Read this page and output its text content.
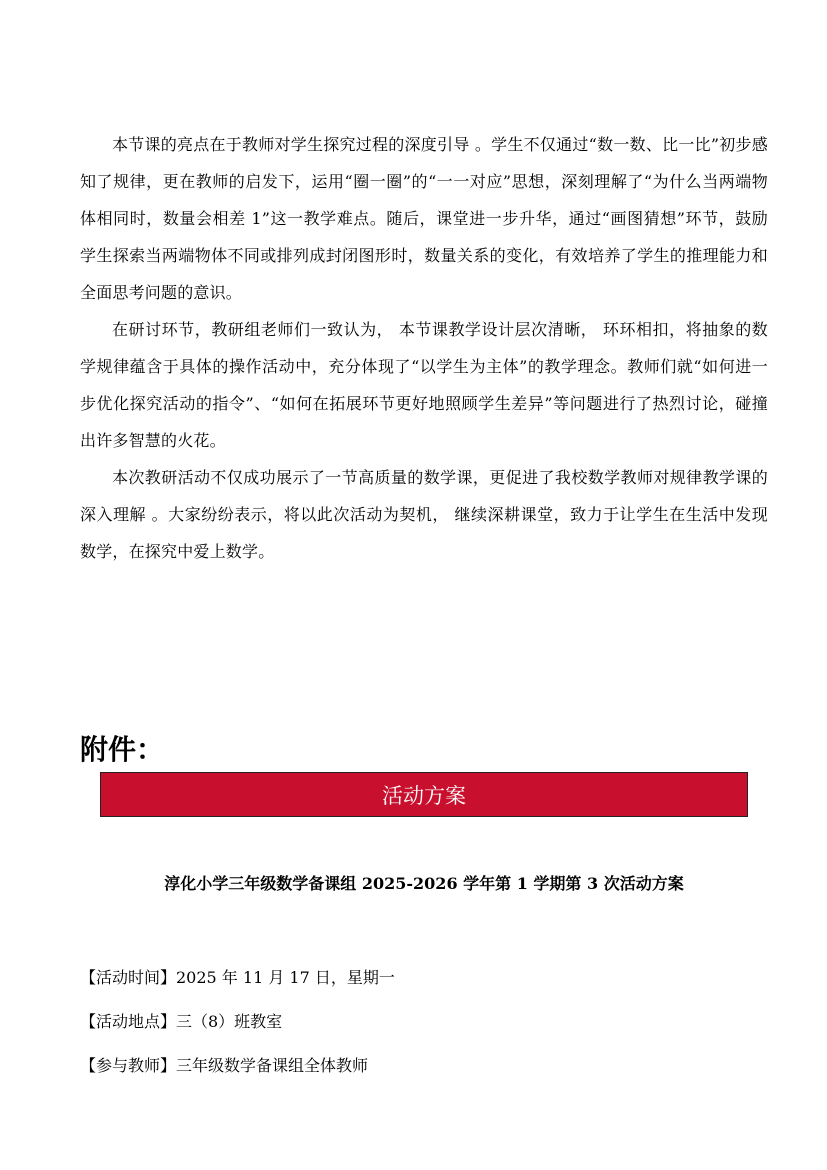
本节课的亮点在于教师对学生探究过程的深度引导 。学生不仅通过“数一数、比一比”初步感知了规律，更在教师的启发下，运用“圈一圈”的“一一对应”思想，深刻理解了“为什么当两端物体相同时，数量会相差 1”这一教学难点。随后，课堂进一步升华，通过“画图猜想”环节，鼓励学生探索当两端物体不同或排列成封闭图形时，数量关系的变化，有效培养了学生的推理能力和全面思考问题的意识。

在研讨环节，教研组老师们一致认为， 本节课教学设计层次清晰， 环环相扣，将抽象的数学规律蕴含于具体的操作活动中，充分体现了“以学生为主体”的教学理念。教师们就“如何进一步优化探究活动的指令”、“如何在拓展环节更好地照顾学生差异”等问题进行了热烈讨论，碰撞出许多智慧的火花。

本次教研活动不仅成功展示了一节高质量的数学课，更促进了我校数学教师对规律教学课的深入理解 。大家纷纷表示，将以此次活动为契机， 继续深耕课堂，致力于让学生在生活中发现数学，在探究中爱上数学。

附件：
活动方案
淳化小学三年级数学备课组 2025-2026 学年第 1 学期第 3 次活动方案
【活动时间】2025 年 11 月 17 日，星期一
【活动地点】三（8）班教室
【参与教师】三年级数学备课组全体教师
